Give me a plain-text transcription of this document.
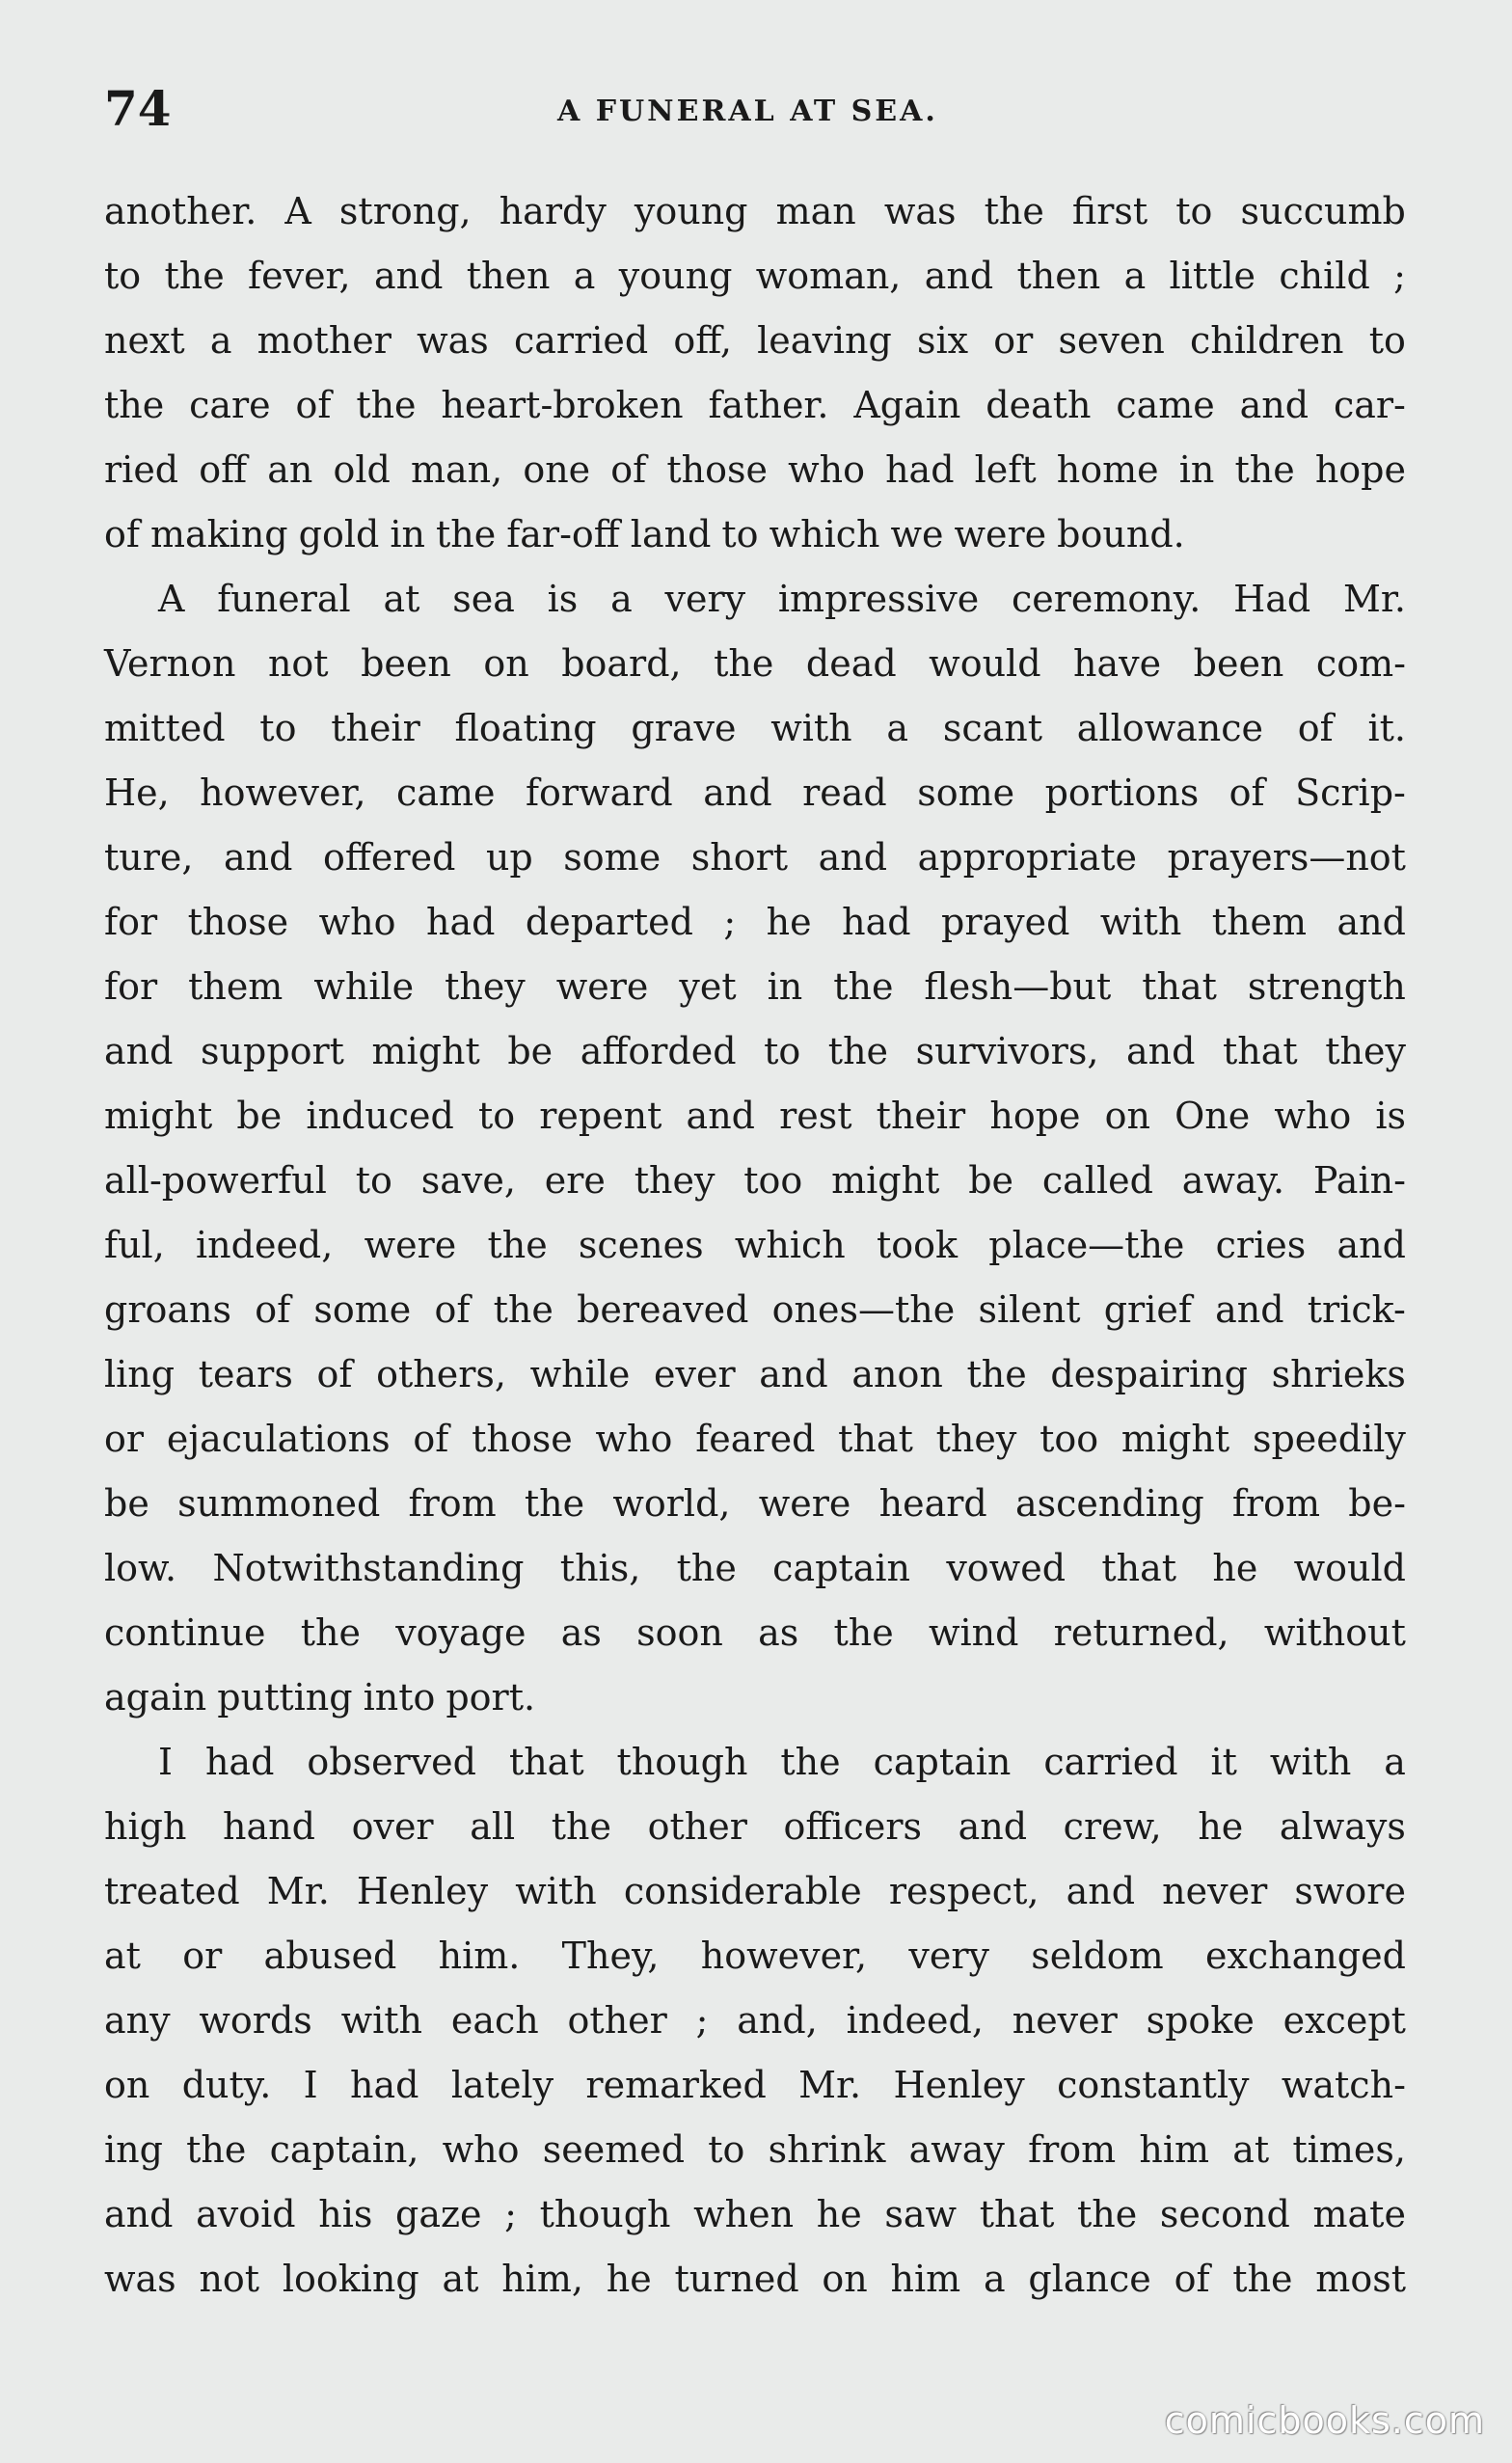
74	A FUNERAL AT SEA.
another. A strong, hardy young man was the first to succumb
to the fever, and then a young woman, and then a little child ;
next a mother was carried off, leaving six or seven children to
the care of the heart-broken father. Again death came and car-
ried off an old man, one of those who had left home in the hope
of making gold in the far-off land to which we were bound.
A funeral at sea is a very impressive ceremony. Had Mr.
Vernon not been on board, the dead would have been com-
mitted to their floating grave with a scant allowance of it.
He, however, came forward and read some portions of Scrip-
ture, and offered up some short and appropriate prayers—not
for those who had departed ; he had prayed with them and
for them while they were yet in the flesh—but that strength
and support might be afforded to the survivors, and that they
might be induced to repent and rest their hope on One who is
all-powerful to save, ere they too might be called away. Pain-
ful, indeed, were the scenes which took place—the cries and
groans of some of the bereaved ones—the silent grief and trick-
ling tears of others, while ever and anon the despairing shrieks
or ejaculations of those who feared that they too might speedily
be summoned from the world, were heard ascending from be-
low. Notwithstanding this, the captain vowed that he would
continue the voyage as soon as the wind returned, without
again putting into port.
I had observed that though the captain carried it with a
high hand over all the other officers and crew, he always
treated Mr. Henley with considerable respect, and never swore
at or abused him. They, however, very seldom exchanged
any words with each other ; and, indeed, never spoke except
on duty. I had lately remarked Mr. Henley constantly watch-
ing the captain, who seemed to shrink away from him at times,
and avoid his gaze ; though when he saw that the second mate
was not looking at him, he turned on him a glance of the most
comicbooks.com
